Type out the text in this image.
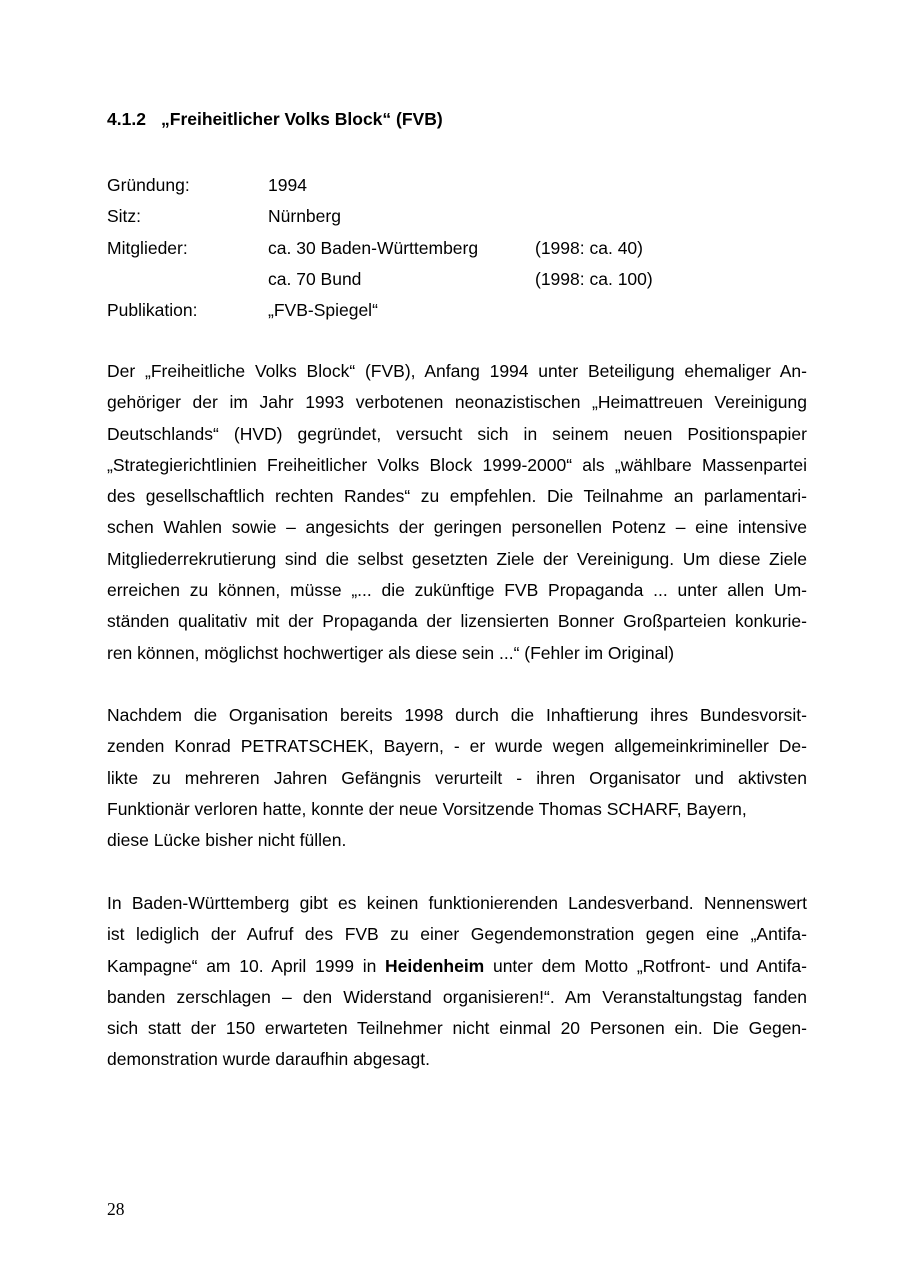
4.1.2 „Freiheitlicher Volks Block“ (FVB)
Gründung:	1994
Sitz:	Nürnberg
Mitglieder:	ca. 30 Baden-Württemberg	(1998: ca. 40)
ca. 70 Bund	(1998: ca. 100)
Publikation:	„FVB-Spiegel“
Der „Freiheitliche Volks Block“ (FVB), Anfang 1994 unter Beteiligung ehemaliger An-
gehöriger der im Jahr 1993 verbotenen neonazistischen „Heimattreuen Vereinigung
Deutschlands“ (HVD) gegründet, versucht sich in seinem neuen Positionspapier
„Strategierichtlinien Freiheitlicher Volks Block 1999-2000“ als „wählbare Massenpartei
des gesellschaftlich rechten Randes“ zu empfehlen. Die Teilnahme an parlamentari-
schen Wahlen sowie – angesichts der geringen personellen Potenz – eine intensive
Mitgliederrekrutierung sind die selbst gesetzten Ziele der Vereinigung. Um diese Ziele
erreichen zu können, müsse „... die zukünftige FVB Propaganda ... unter allen Um-
ständen qualitativ mit der Propaganda der lizensierten Bonner Großparteien konkurie-
ren können, möglichst hochwertiger als diese sein ...“ (Fehler im Original)
Nachdem die Organisation bereits 1998 durch die Inhaftierung ihres Bundesvorsit-
zenden Konrad PETRATSCHEK, Bayern, - er wurde wegen allgemeinkrimineller De-
likte zu mehreren Jahren Gefängnis verurteilt - ihren Organisator und aktivsten
Funktionär verloren hatte, konnte der neue Vorsitzende Thomas SCHARF, Bayern,
diese Lücke bisher nicht füllen.
In Baden-Württemberg gibt es keinen funktionierenden Landesverband. Nennenswert
ist lediglich der Aufruf des FVB zu einer Gegendemonstration gegen eine „Antifa-
Kampagne“ am 10. April 1999 in Heidenheim unter dem Motto „Rotfront- und Antifa-
banden zerschlagen – den Widerstand organisieren!“. Am Veranstaltungstag fanden
sich statt der 150 erwarteten Teilnehmer nicht einmal 20 Personen ein. Die Gegen-
demonstration wurde daraufhin abgesagt.
28
